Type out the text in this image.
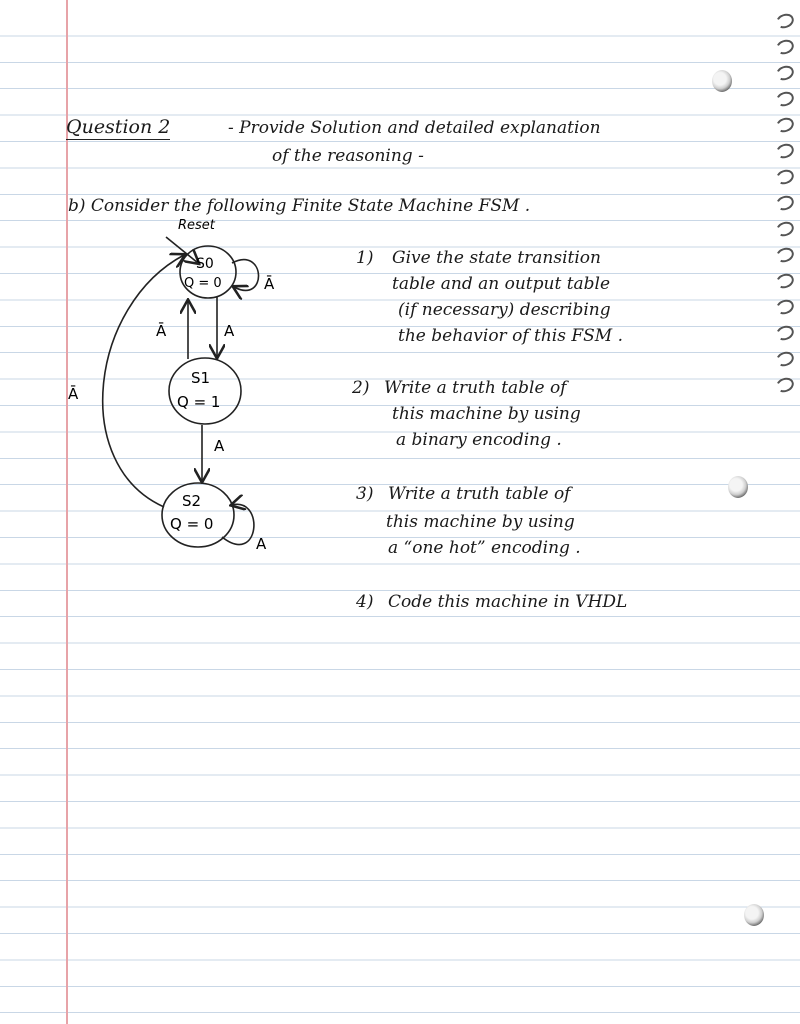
Question 2	- Provide Solution and detailed explanation
of the reasoning -
b) Consider the following Finite State Machine FSM .
Reset
S0
Q = 0
S1
Q = 1
S2
Q = 0
Ā
Ā	A
A
Ā
A
1) Give the state transition
table and an output table
(if necessary) describing
the behavior of this FSM .
2) Write a truth table of
this machine by using
a binary encoding .
3) Write a truth table of
this machine by using
a “one hot” encoding .
4) Code this machine in VHDL
